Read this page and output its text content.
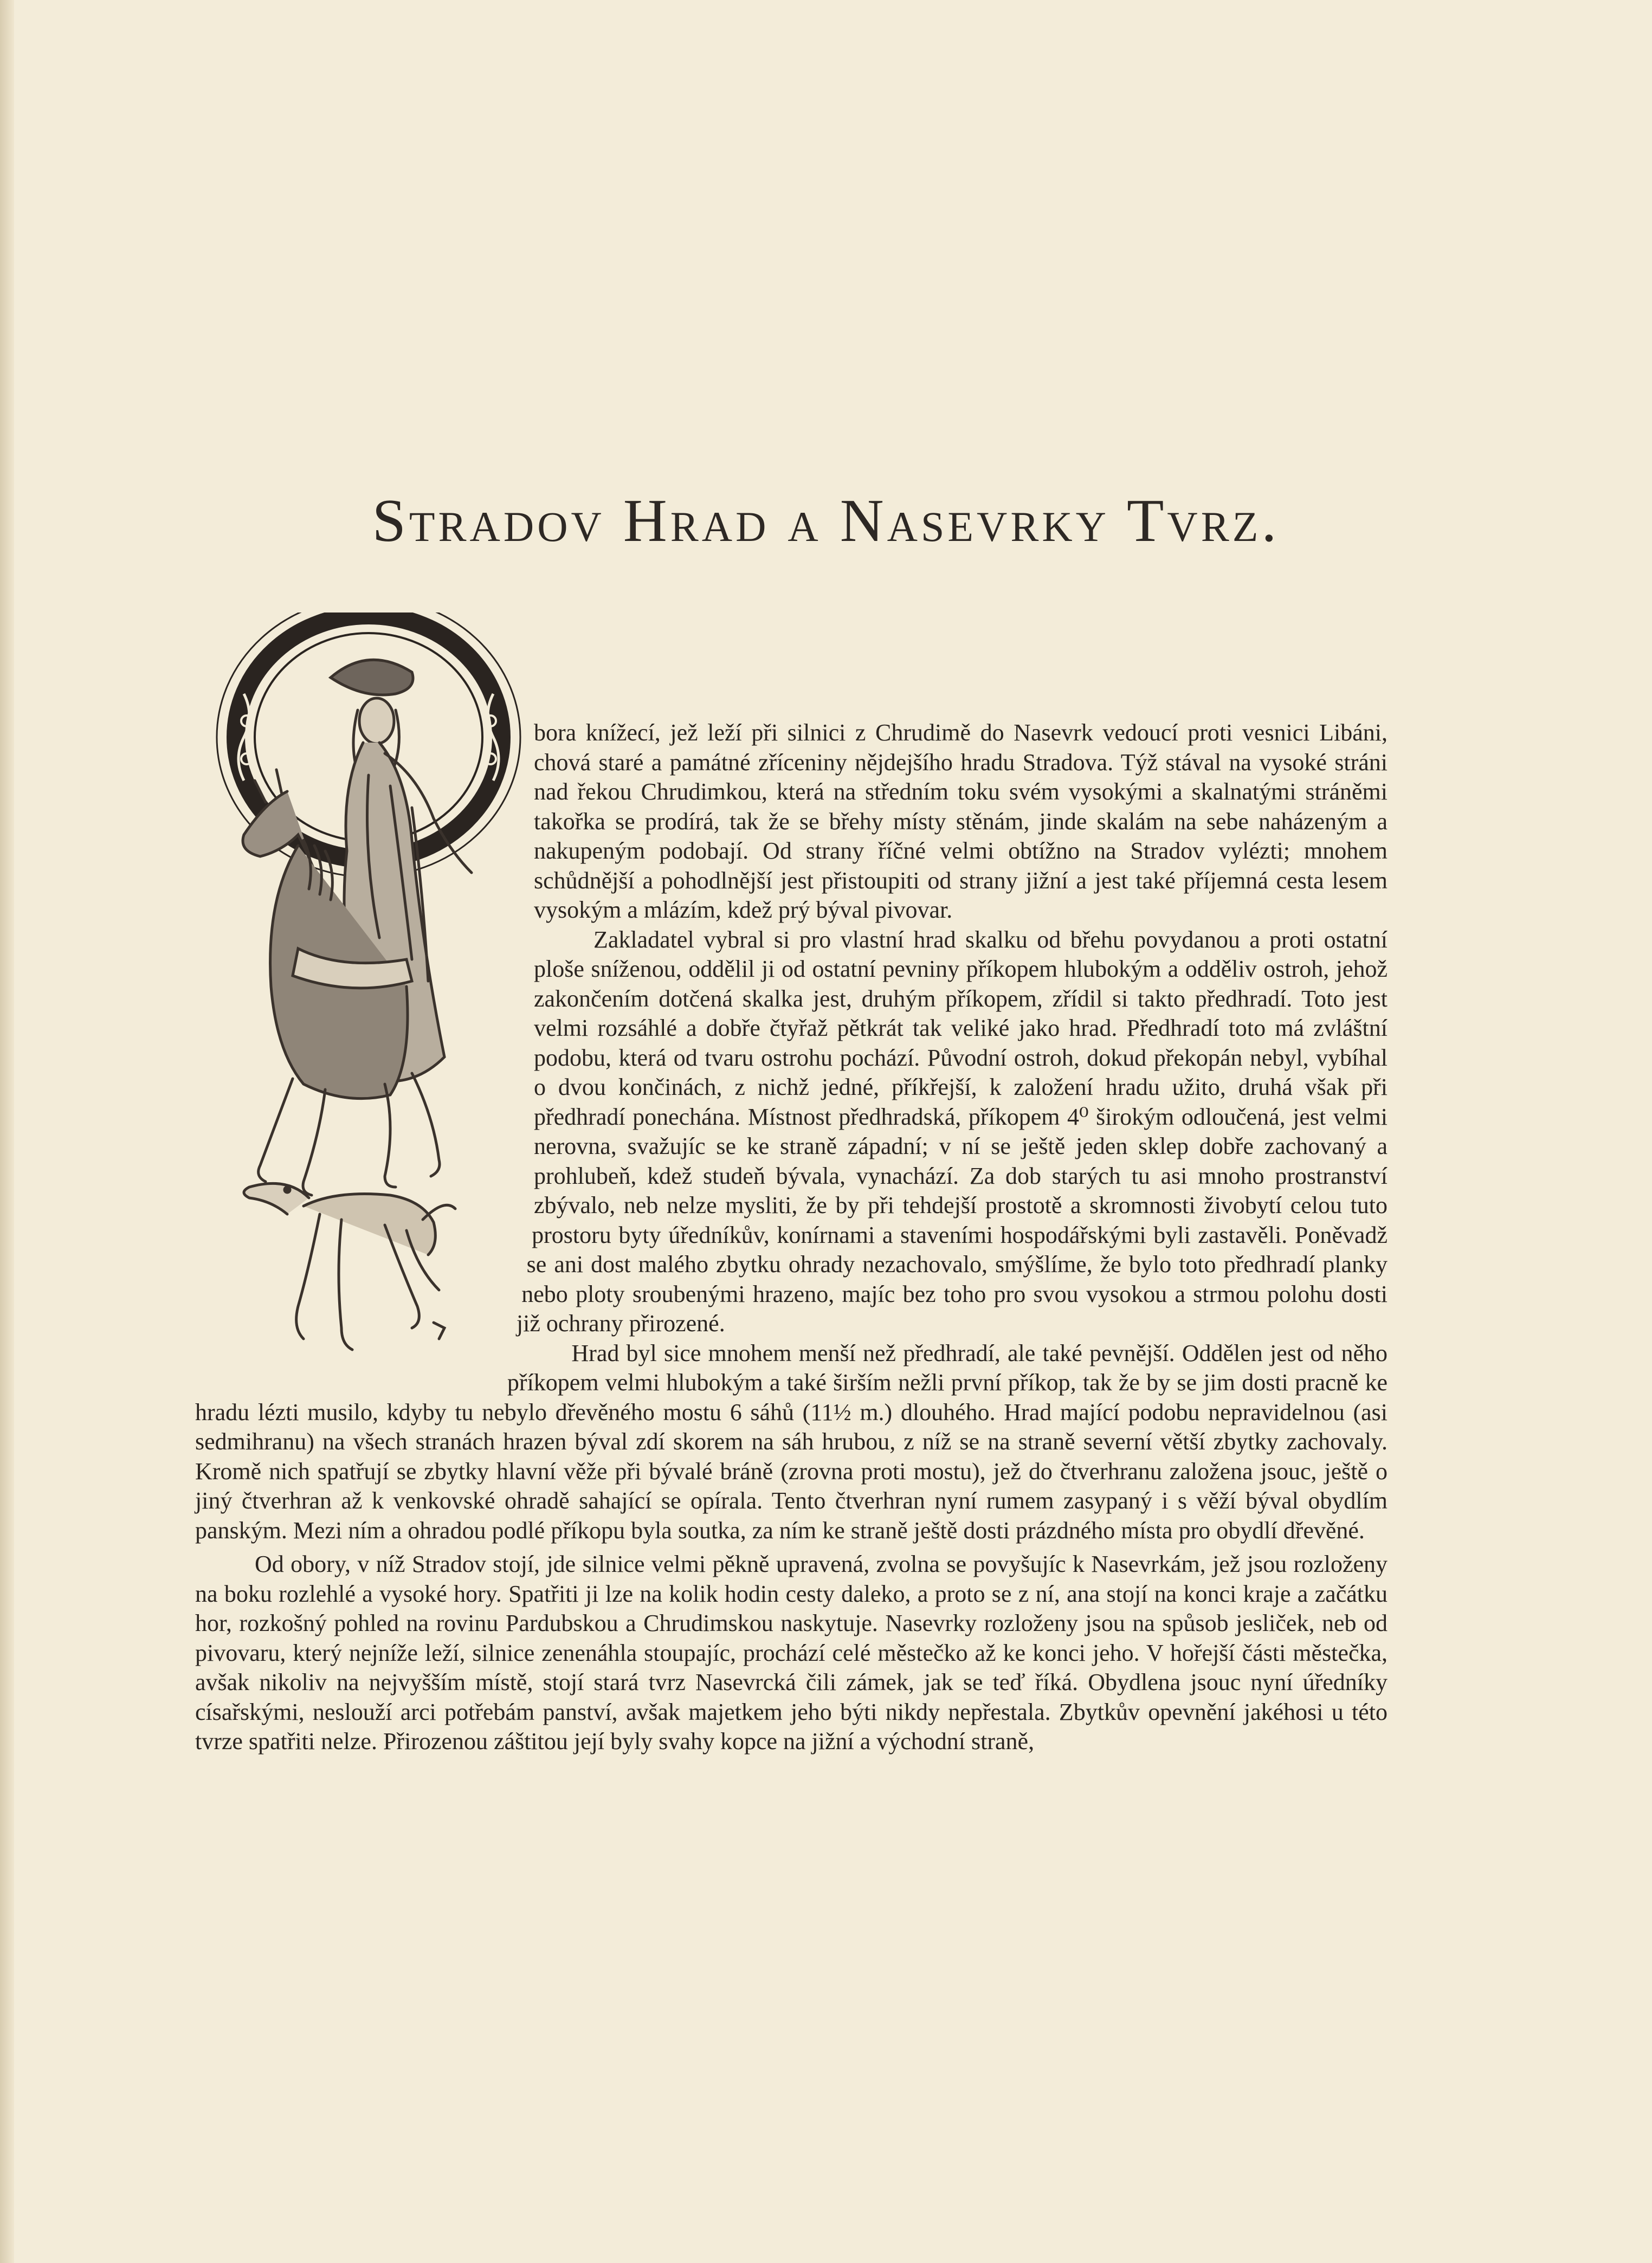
Stradov Hrad a Nasevrky Tvrz.

bora knížecí, jež leží při silnici z Chrudimě do Nasevrk vedoucí proti vesnici Libáni, chová staré a památné zříceniny nějdejšího hradu Stradova. Týž stával na vysoké stráni nad řekou Chrudimkou, která na středním toku svém vysokými a skalnatými stráněmi takořka se prodírá, tak že se břehy místy stěnám, jinde skalám na sebe naházeným a nakupeným podobají. Od strany říčné velmi obtížno na Stradov vylézti; mnohem schůdnější a pohodlnější jest přistoupiti od strany jižní a jest také příjemná cesta lesem vysokým a mlázím, kdež prý býval pivovar.

Zakladatel vybral si pro vlastní hrad skalku od břehu povydanou a proti ostatní ploše sníženou, oddělil ji od ostatní pevniny příkopem hlubokým a odděliv ostroh, jehož zakončením dotčená skalka jest, druhým příkopem, zřídil si takto předhradí. Toto jest velmi rozsáhlé a dobře čtyřaž pětkrát tak veliké jako hrad. Předhradí toto má zvláštní podobu, která od tvaru ostrohu pochází. Původní ostroh, dokud překopán nebyl, vybíhal o dvou končinách, z nichž jedné, příkřejší, k založení hradu užito, druhá však při předhradí ponechána. Místnost předhradská, příkopem 4⁰ širokým odloučená, jest velmi nerovna, svažujíc se ke straně západní; v ní se ještě jeden sklep dobře zachovaný a prohlubeň, kdež studeň bývala, vynachází. Za dob starých tu asi mnoho prostranství zbývalo, neb nelze mysliti, že by při tehdejší prostotě a skromnosti živobytí celou tuto prostoru byty úředníkův, konírnami a staveními hospodářskými byli zastavěli. Poněvadž se ani dost malého zbytku ohrady nezachovalo, smýšlíme, že bylo toto předhradí planky nebo ploty sroubenými hrazeno, majíc bez toho pro svou vysokou a strmou polohu dosti již ochrany přirozené.

Hrad byl sice mnohem menší než předhradí, ale také pevnější. Oddělen jest od něho příkopem velmi hlubokým a také širším nežli první příkop, tak že by se jim dosti pracně ke hradu lézti musilo, kdyby tu nebylo dřevěného mostu 6 sáhů (11½ m.) dlouhého. Hrad mající podobu nepravidelnou (asi sedmihranu) na všech stranách hrazen býval zdí skorem na sáh hrubou, z níž se na straně severní větší zbytky zachovaly. Kromě nich spatřují se zbytky hlavní věže při bývalé bráně (zrovna proti mostu), jež do čtverhranu založena jsouc, ještě o jiný čtverhran až k venkovské ohradě sahající se opírala. Tento čtverhran nyní rumem zasypaný i s věží býval obydlím panským. Mezi ním a ohradou podlé příkopu byla soutka, za ním ke straně ještě dosti prázdného místa pro obydlí dřevěné.

Od obory, v níž Stradov stojí, jde silnice velmi pěkně upravená, zvolna se povyšujíc k Nasevrkám, jež jsou rozloženy na boku rozlehlé a vysoké hory. Spatřiti ji lze na kolik hodin cesty daleko, a proto se z ní, ana stojí na konci kraje a začátku hor, rozkošný pohled na rovinu Pardubskou a Chrudimskou naskytuje. Nasevrky rozloženy jsou na spůsob jesliček, neb od pivovaru, který nejníže leží, silnice zenenáhla stoupajíc, prochází celé městečko až ke konci jeho. V hořejší části městečka, avšak nikoliv na nejvyšším místě, stojí stará tvrz Nasevrcká čili zámek, jak se teď říká. Obydlena jsouc nyní úředníky císařskými, neslouží arci potřebám panství, avšak majetkem jeho býti nikdy nepřestala. Zbytkův opevnění jakéhosi u této tvrze spatřiti nelze. Přirozenou záštitou její byly svahy kopce na jižní a východní straně,
